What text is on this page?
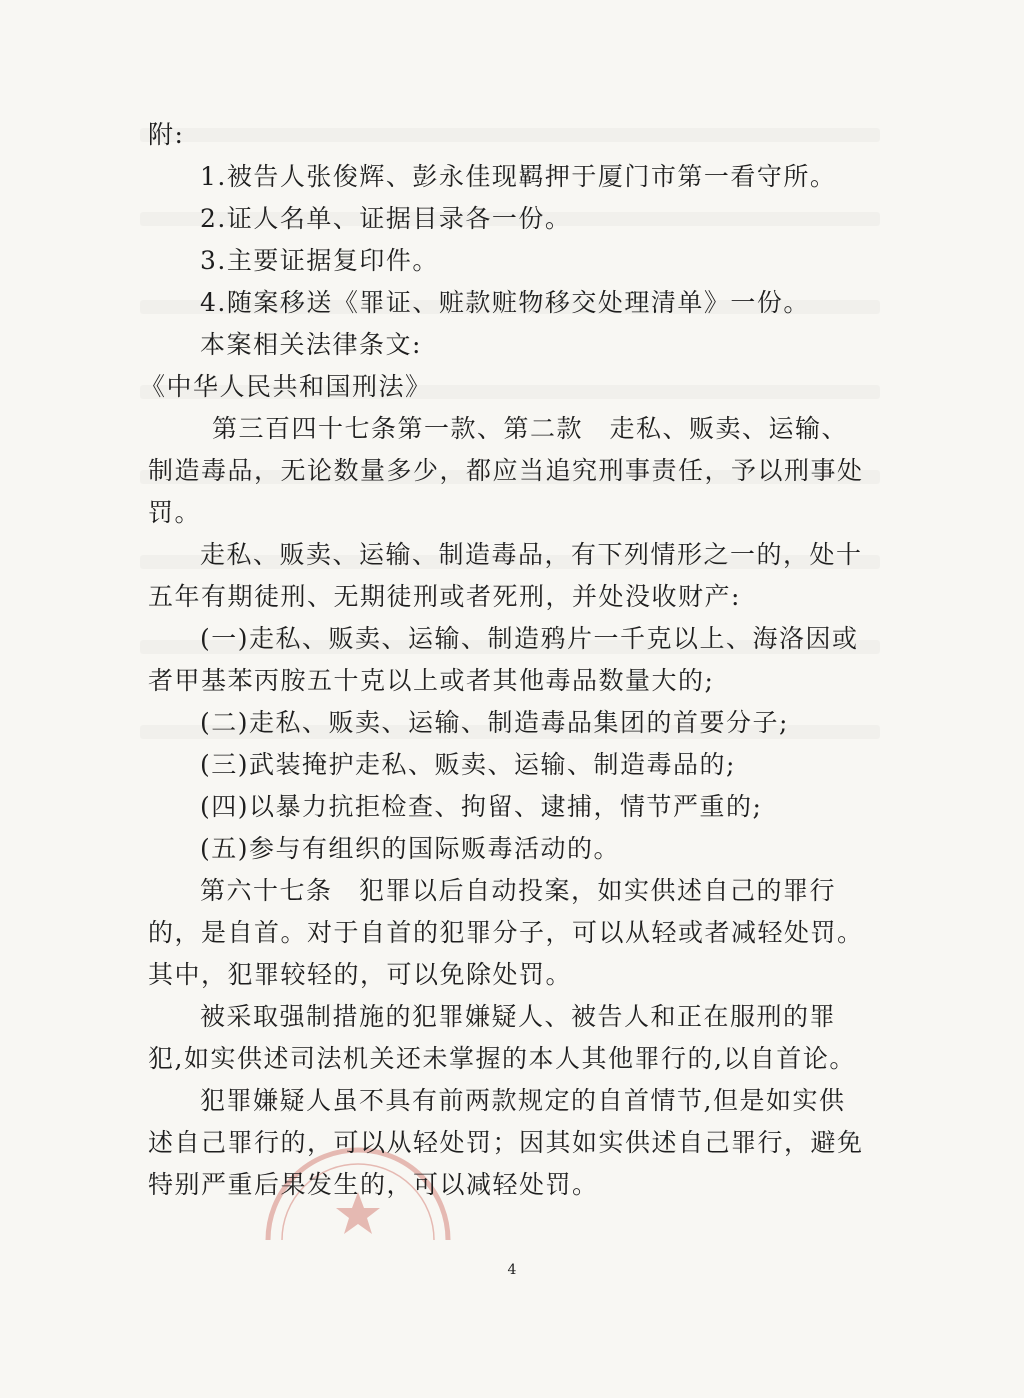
附:
1.被告人张俊辉、彭永佳现羁押于厦门市第一看守所。
2.证人名单、证据目录各一份。
3.主要证据复印件。
4.随案移送《罪证、赃款赃物移交处理清单》一份。
本案相关法律条文:
《中华人民共和国刑法》
第三百四十七条第一款、第二款　走私、贩卖、运输、
制造毒品，无论数量多少，都应当追究刑事责任，予以刑事处
罚。
走私、贩卖、运输、制造毒品，有下列情形之一的，处十
五年有期徒刑、无期徒刑或者死刑，并处没收财产:
(一)走私、贩卖、运输、制造鸦片一千克以上、海洛因或
者甲基苯丙胺五十克以上或者其他毒品数量大的;
(二)走私、贩卖、运输、制造毒品集团的首要分子;
(三)武装掩护走私、贩卖、运输、制造毒品的;
(四)以暴力抗拒检查、拘留、逮捕，情节严重的;
(五)参与有组织的国际贩毒活动的。
第六十七条　犯罪以后自动投案，如实供述自己的罪行
的，是自首。对于自首的犯罪分子，可以从轻或者减轻处罚。
其中，犯罪较轻的，可以免除处罚。
被采取强制措施的犯罪嫌疑人、被告人和正在服刑的罪
犯,如实供述司法机关还未掌握的本人其他罪行的,以自首论。
犯罪嫌疑人虽不具有前两款规定的自首情节,但是如实供
述自己罪行的，可以从轻处罚；因其如实供述自己罪行，避免
特别严重后果发生的，可以减轻处罚。
4
